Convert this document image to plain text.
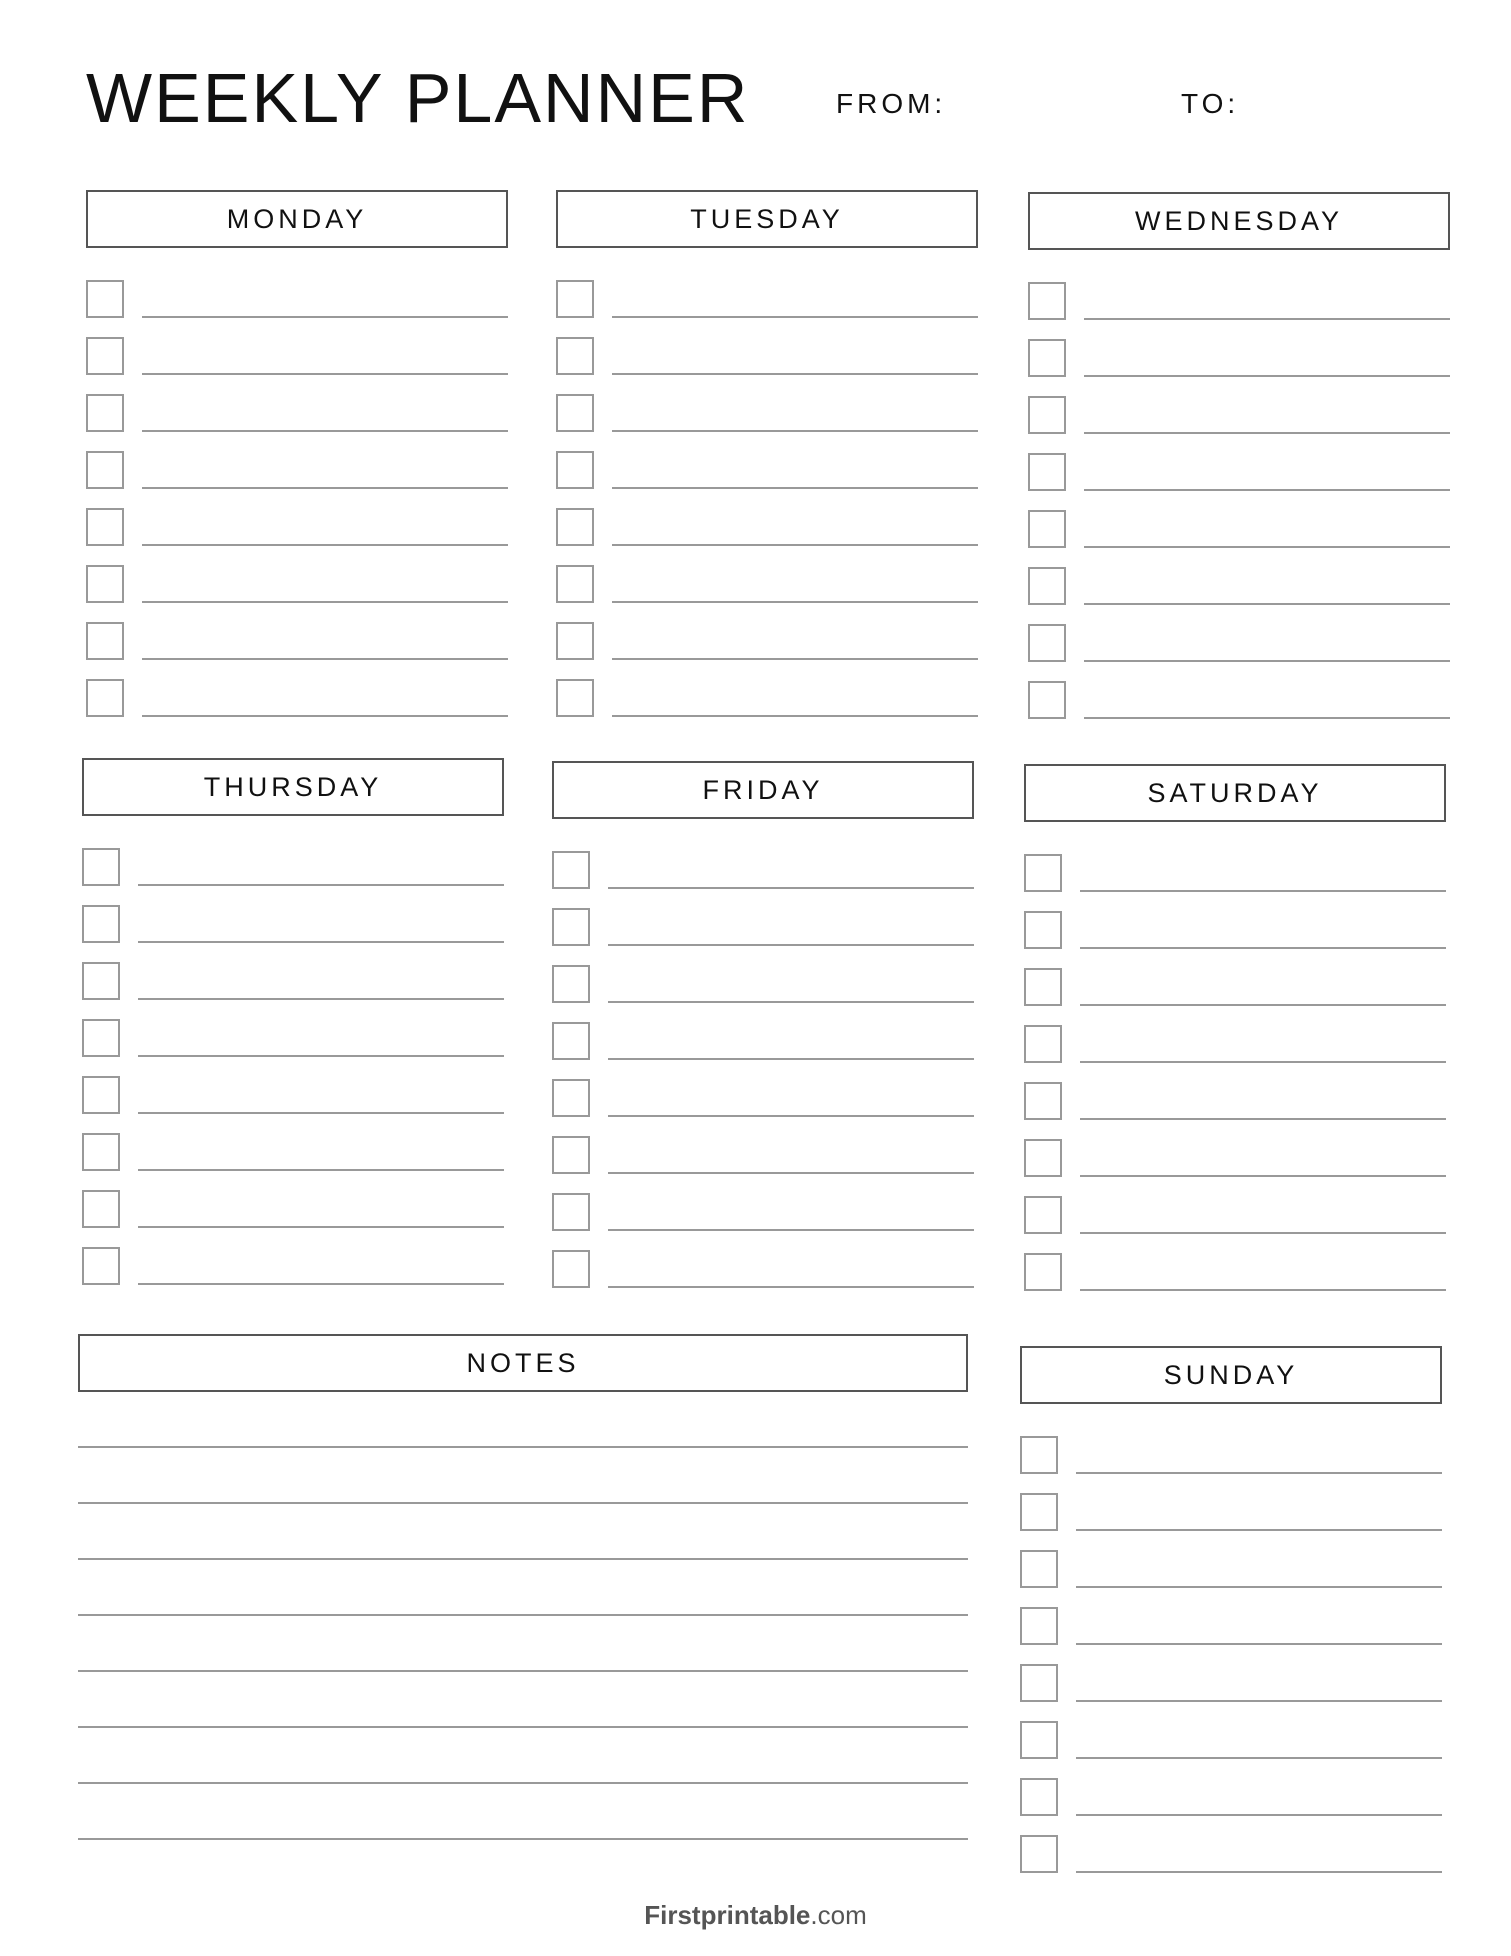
WEEKLY PLANNER	FROM:	TO:
MONDAY	TUESDAY	WEDNESDAY
THURSDAY	FRIDAY	SATURDAY
SUNDAY
NOTES
Firstprintable.com
